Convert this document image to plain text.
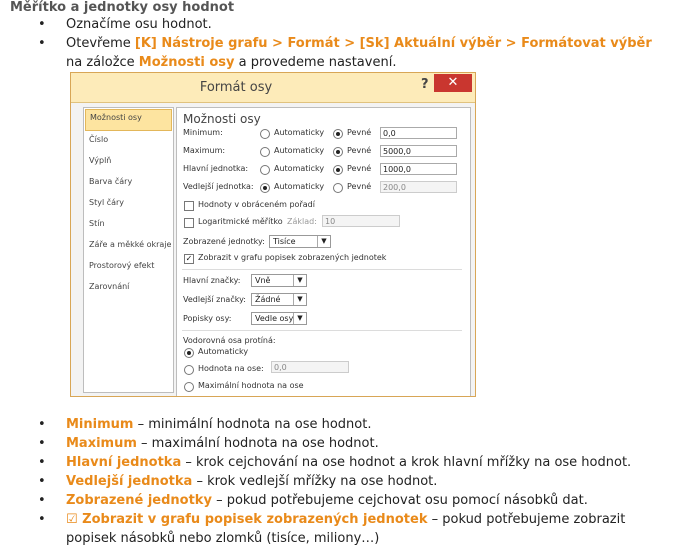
Měřítko a jednotky osy hodnot
• Označíme osu hodnot.
• Otevřeme [K] Nástroje grafu > Formát > [Sk] Aktuální výběr > Formátovat výběr na záložce Možnosti osy a provedeme nastavení.
Formát osy	?	✕
Možnosti osy
Číslo
Výplň
Barva čáry
Styl čáry
Stín
Záře a měkké okraje
Prostorový efekt
Zarovnání
Možnosti osy
Minimum:	Automaticky	Pevné	0,0
Maximum:	Automaticky	Pevné	5000,0
Hlavní jednotka:	Automaticky	Pevné	1000,0
Vedlejší jednotka:	Automaticky	Pevné	200,0
Hodnoty v obráceném pořadí
Logaritmické měřítko Základ:	10
Zobrazené jednotky:	Tisíce	▼
✓ Zobrazit v grafu popisek zobrazených jednotek
Hlavní značky:	Vně	▼
Vedlejší značky:	Žádné	▼
Popisky osy:	Vedle osy ▼
Vodorovná osa protíná:
Automaticky
Hodnota na ose:	0,0
Maximální hodnota na ose
• Minimum – minimální hodnota na ose hodnot.
• Maximum – maximální hodnota na ose hodnot.
• Hlavní jednotka – krok cejchování na ose hodnot a krok hlavní mřížky na ose hodnot.
• Vedlejší jednotka – krok vedlejší mřížky na ose hodnot.
• Zobrazené jednotky – pokud potřebujeme cejchovat osu pomocí násobků dat.
• ☑ Zobrazit v grafu popisek zobrazených jednotek – pokud potřebujeme zobrazit popisek násobků nebo zlomků (tisíce, miliony…)
